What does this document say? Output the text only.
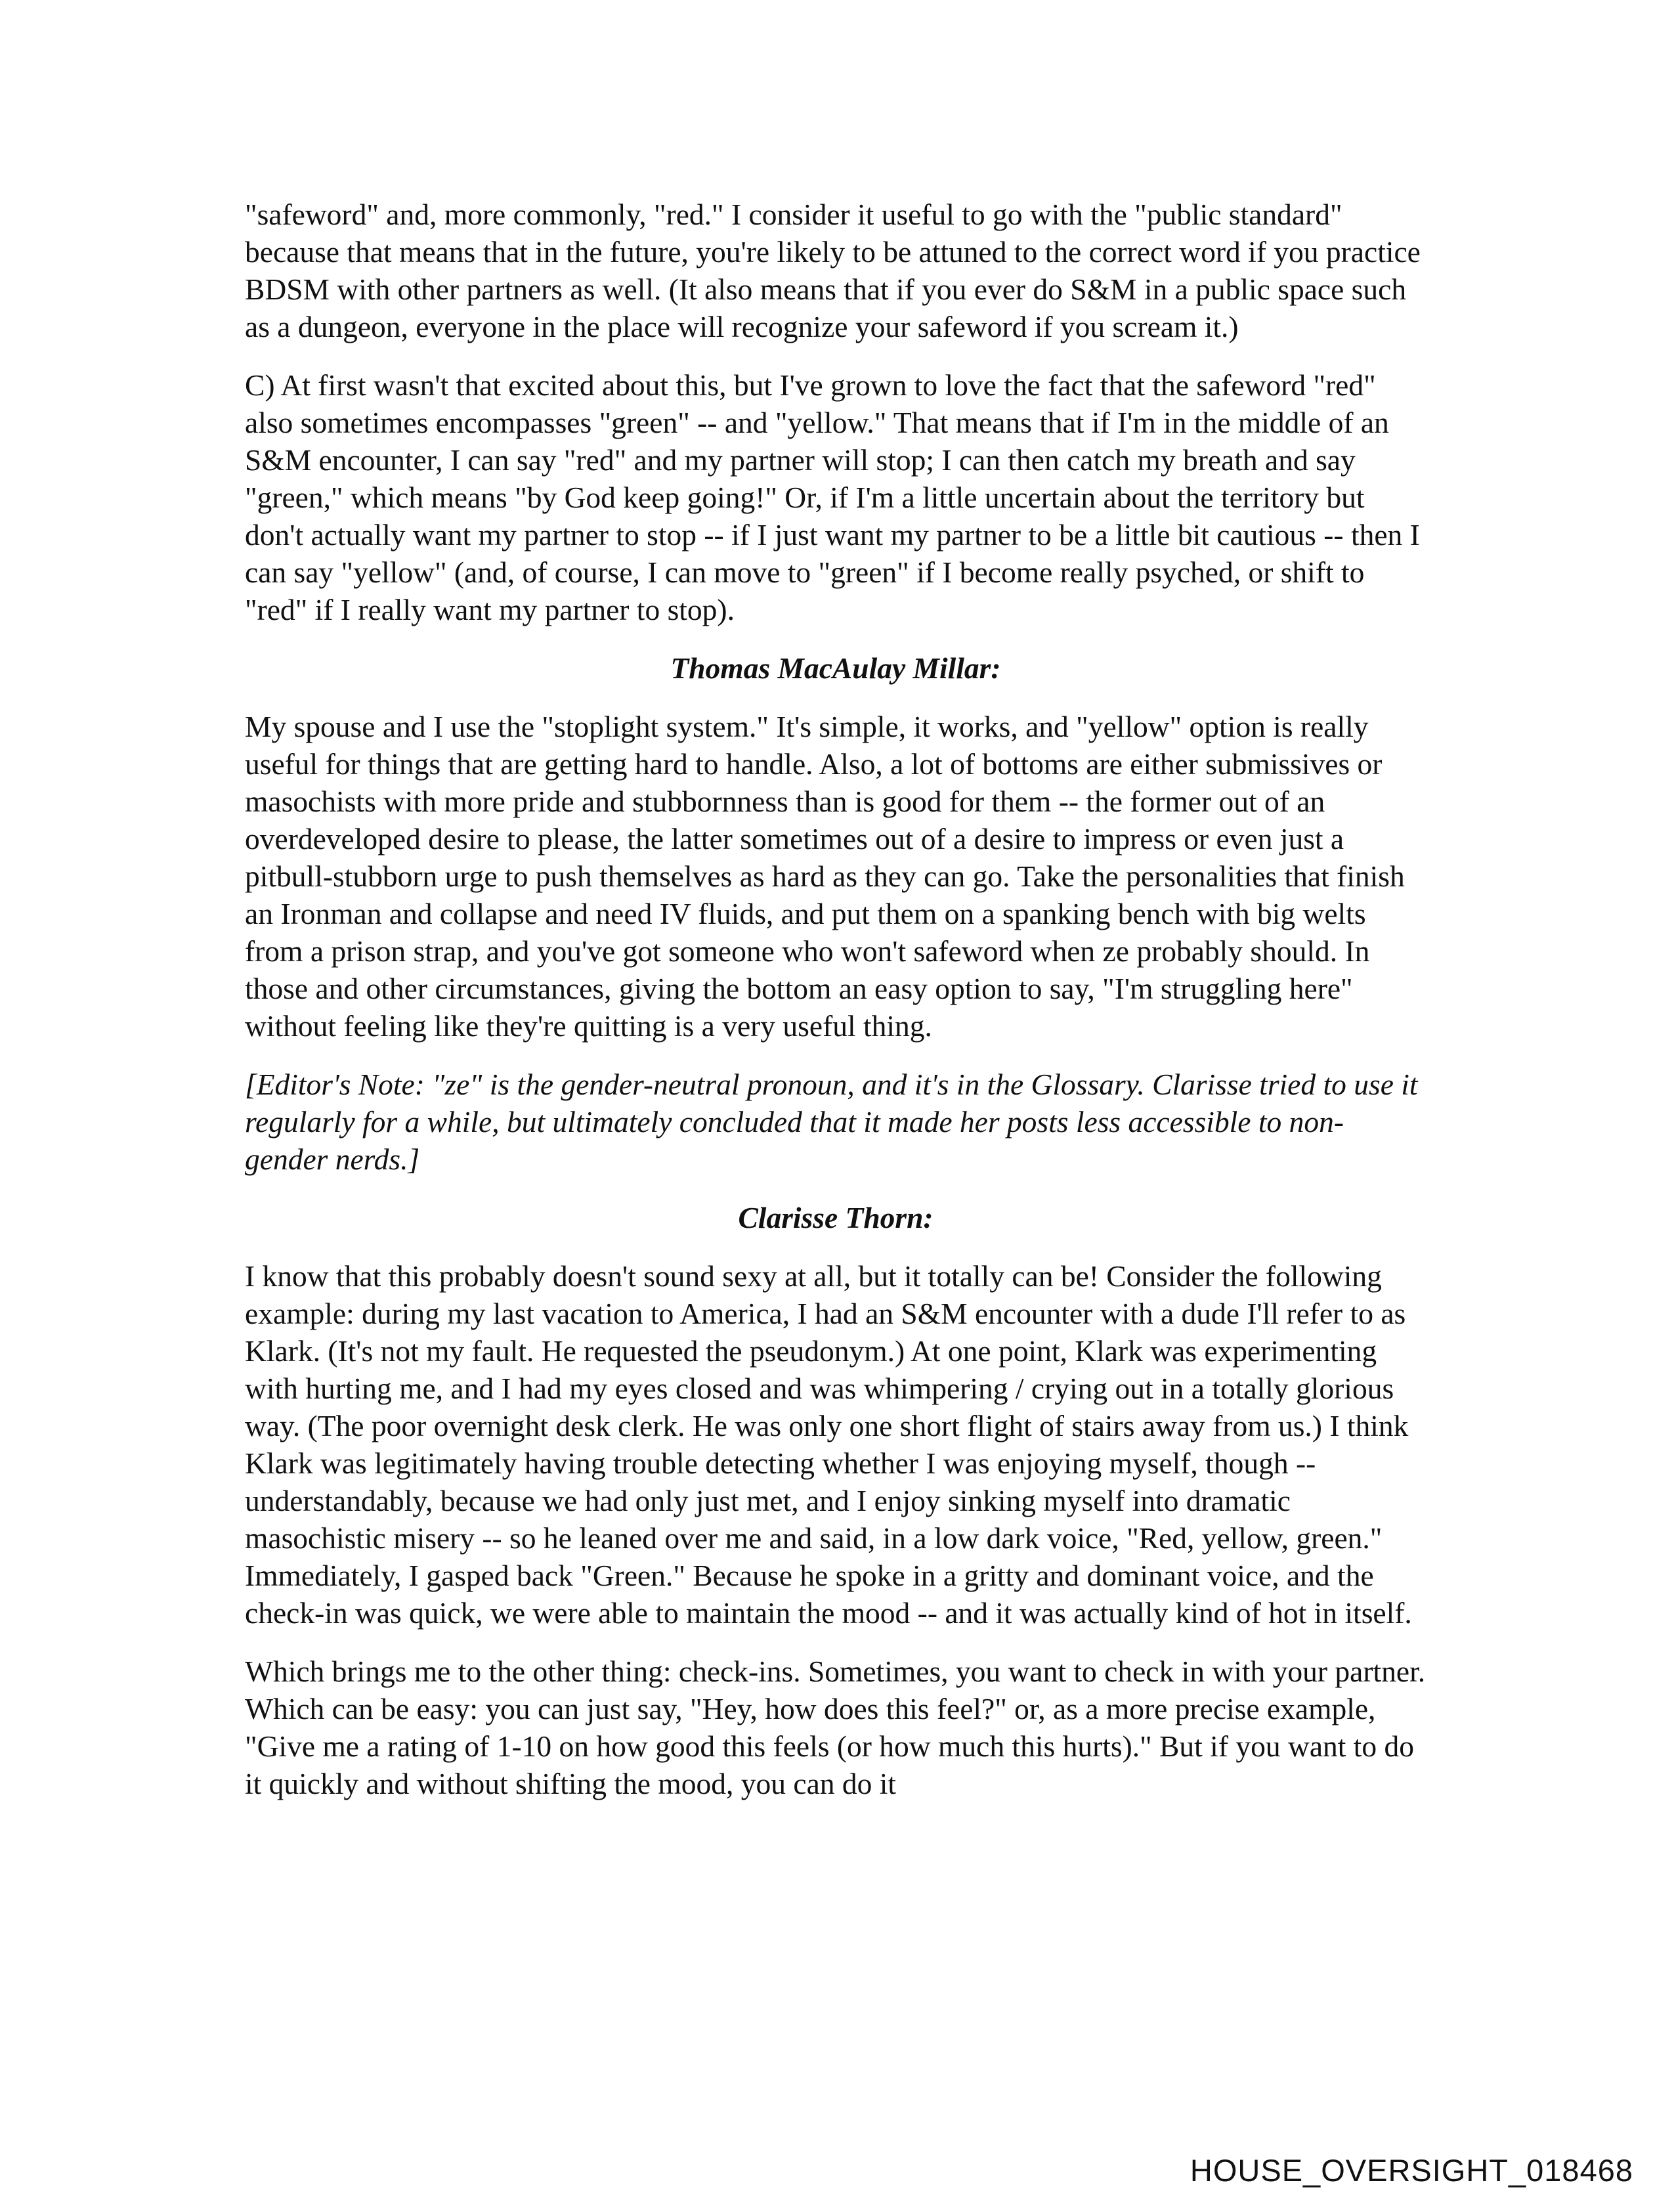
"safeword" and, more commonly, "red." I consider it useful to go with the "public standard" because that means that in the future, you're likely to be attuned to the correct word if you practice BDSM with other partners as well. (It also means that if you ever do S&M in a public space such as a dungeon, everyone in the place will recognize your safeword if you scream it.)

C) At first wasn't that excited about this, but I've grown to love the fact that the safeword "red" also sometimes encompasses "green" -- and "yellow." That means that if I'm in the middle of an S&M encounter, I can say "red" and my partner will stop; I can then catch my breath and say "green," which means "by God keep going!" Or, if I'm a little uncertain about the territory but don't actually want my partner to stop -- if I just want my partner to be a little bit cautious -- then I can say "yellow" (and, of course, I can move to "green" if I become really psyched, or shift to "red" if I really want my partner to stop).

Thomas MacAulay Millar:

My spouse and I use the "stoplight system." It's simple, it works, and "yellow" option is really useful for things that are getting hard to handle. Also, a lot of bottoms are either submissives or masochists with more pride and stubbornness than is good for them -- the former out of an overdeveloped desire to please, the latter sometimes out of a desire to impress or even just a pitbull-stubborn urge to push themselves as hard as they can go. Take the personalities that finish an Ironman and collapse and need IV fluids, and put them on a spanking bench with big welts from a prison strap, and you've got someone who won't safeword when ze probably should. In those and other circumstances, giving the bottom an easy option to say, "I'm struggling here" without feeling like they're quitting is a very useful thing.

[Editor's Note: "ze" is the gender-neutral pronoun, and it's in the Glossary. Clarisse tried to use it regularly for a while, but ultimately concluded that it made her posts less accessible to non-gender nerds.]

Clarisse Thorn:

I know that this probably doesn't sound sexy at all, but it totally can be! Consider the following example: during my last vacation to America, I had an S&M encounter with a dude I'll refer to as Klark. (It's not my fault. He requested the pseudonym.) At one point, Klark was experimenting with hurting me, and I had my eyes closed and was whimpering / crying out in a totally glorious way. (The poor overnight desk clerk. He was only one short flight of stairs away from us.) I think Klark was legitimately having trouble detecting whether I was enjoying myself, though -- understandably, because we had only just met, and I enjoy sinking myself into dramatic masochistic misery -- so he leaned over me and said, in a low dark voice, "Red, yellow, green." Immediately, I gasped back "Green." Because he spoke in a gritty and dominant voice, and the check-in was quick, we were able to maintain the mood -- and it was actually kind of hot in itself.

Which brings me to the other thing: check-ins. Sometimes, you want to check in with your partner. Which can be easy: you can just say, "Hey, how does this feel?" or, as a more precise example, "Give me a rating of 1-10 on how good this feels (or how much this hurts)." But if you want to do it quickly and without shifting the mood, you can do it

HOUSE_OVERSIGHT_018468
